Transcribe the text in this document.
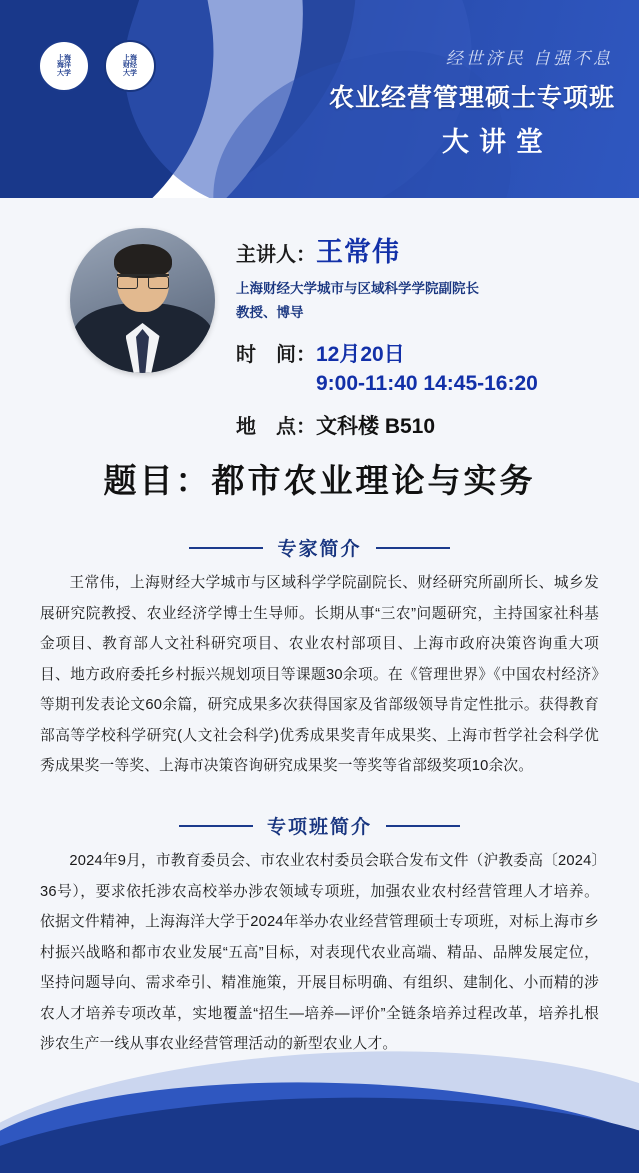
上海
海洋
大学
上海
财经
大学
经世济民 自强不息
农业经营管理硕士专项班
大讲堂
主讲人： 王常伟
上海财经大学城市与区域科学学院副院长
教授、博导
时　间： 12月20日
9:00-11:40 14:45-16:20
地　点： 文科楼 B510
题目：都市农业理论与实务
专家简介
王常伟，上海财经大学城市与区域科学学院副院长、财经研究所副所长、城乡发展研究院教授、农业经济学博士生导师。长期从事“三农”问题研究，主持国家社科基金项目、教育部人文社科研究项目、农业农村部项目、上海市政府决策咨询重大项目、地方政府委托乡村振兴规划项目等课题30余项。在《管理世界》《中国农村经济》等期刊发表论文60余篇，研究成果多次获得国家及省部级领导肯定性批示。获得教育部高等学校科学研究(人文社会科学)优秀成果奖青年成果奖、上海市哲学社会科学优秀成果奖一等奖、上海市决策咨询研究成果奖一等奖等省部级奖项10余次。
专项班简介
2024年9月，市教育委员会、市农业农村委员会联合发布文件（沪教委高〔2024〕36号），要求依托涉农高校举办涉农领域专项班，加强农业农村经营管理人才培养。依据文件精神，上海海洋大学于2024年举办农业经营管理硕士专项班，对标上海市乡村振兴战略和都市农业发展“五高”目标，对表现代农业高端、精品、品牌发展定位，坚持问题导向、需求牵引、精准施策，开展目标明确、有组织、建制化、小而精的涉农人才培养专项改革，实地覆盖“招生—培养—评价”全链条培养过程改革，培养扎根涉农生产一线从事农业经营管理活动的新型农业人才。
